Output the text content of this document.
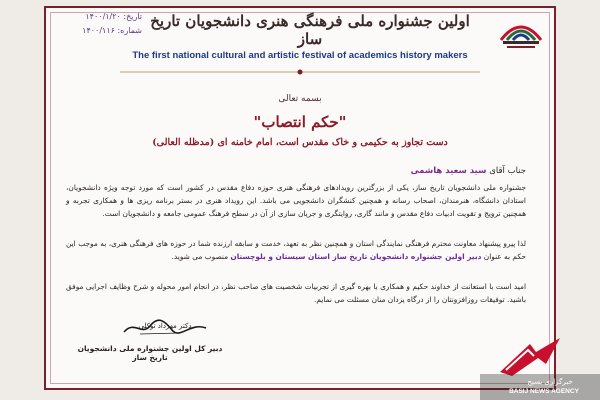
تاریخ: ۱۴۰۰/۱/۲۰
شماره: ۱۴۰۰/۱۱۶
اولین جشنواره ملی فرهنگی هنری دانشجویان تاریخ ساز
The first national cultural and artistic festival of academics history makers
بسمه تعالی
"حکم انتصاب"
دست تجاوز به حکیمی و خاک مقدس است، امام خامنه ای (مدظله العالی)
جناب آقای سید سعید هاشمی
جشنواره ملی دانشجویان تاریخ ساز، یکی از بزرگترین رویدادهای فرهنگی هنری حوزه دفاع مقدس در کشور است که مورد توجه ویژه دانشجویان، استادان دانشگاه، هنرمندان، اصحاب رسانه و همچنین کنشگران دانشجویی می باشد. این رویداد هنری در بستر برنامه ریزی ها و همکاری تجربه و همچنین ترویج و تقویت ادبیات دفاع مقدس و مانند گاری، روایتگری و جریان سازی از آن در سطح فرهنگ عمومی جامعه و دانشجویان است.
لذا پیرو پیشنهاد معاونت محترم فرهنگی نمایندگی استان و همچنین نظر به تعهد، خدمت و سابقه ارزنده شما در حوزه های فرهنگی هنری، به موجب این حکم به عنوان دبیر اولین جشنواره دانشجویان تاریخ ساز استان سیستان و بلوچستان منصوب می شوید.
امید است با استعانت از خداوند حکیم و همکاری با بهره گیری از تجربیات شخصیت های صاحب نظر، در انجام امور محوله و شرح وظایف اجرایی موفق باشید. توفیقات روزافزونتان را از درگاه یزدان منان مسئلت می نمایم.
دکتر مهرداد توکلی
دبیر کل اولین جشنواره ملی دانشجویان تاریخ ساز
خبرگزاری بسیج
BASIJ NEWS AGENCY
